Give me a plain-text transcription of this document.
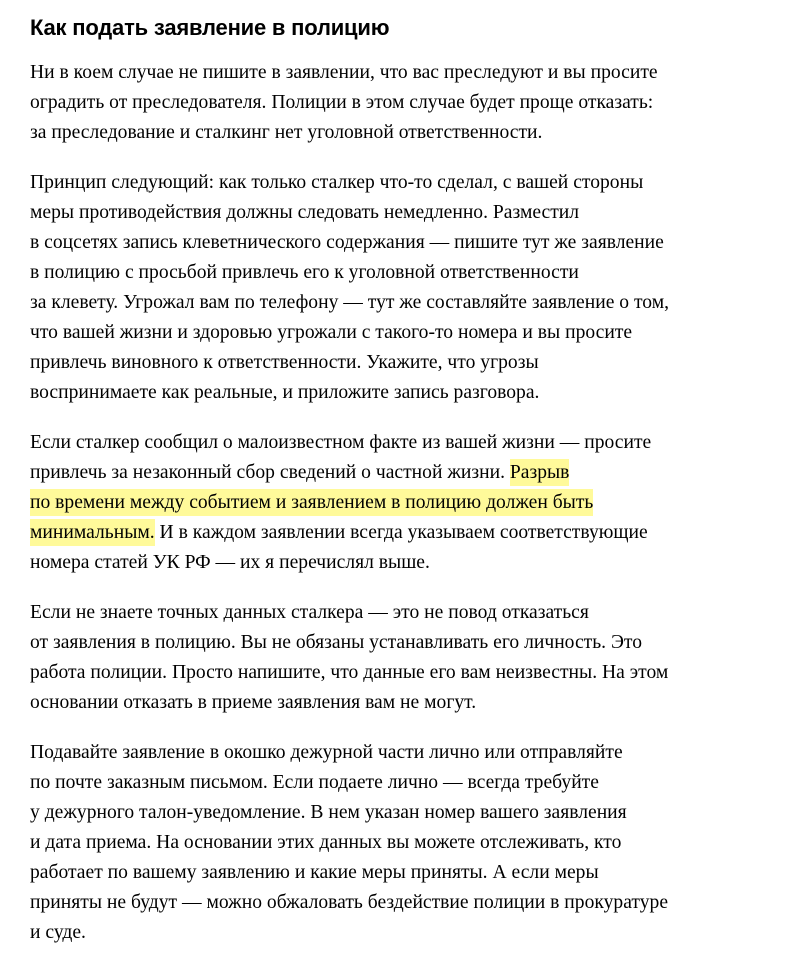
Как подать заявление в полицию

Ни в коем случае не пишите в заявлении, что вас преследуют и вы просите
оградить от преследователя. Полиции в этом случае будет проще отказать:
за преследование и сталкинг нет уголовной ответственности.

Принцип следующий: как только сталкер что-то сделал, с вашей стороны
меры противодействия должны следовать немедленно. Разместил
в соцсетях запись клеветнического содержания — пишите тут же заявление
в полицию с просьбой привлечь его к уголовной ответственности
за клевету. Угрожал вам по телефону — тут же составляйте заявление о том,
что вашей жизни и здоровью угрожали с такого-то номера и вы просите
привлечь виновного к ответственности. Укажите, что угрозы
воспринимаете как реальные, и приложите запись разговора.

Если сталкер сообщил о малоизвестном факте из вашей жизни — просите
привлечь за незаконный сбор сведений о частной жизни. Разрыв
по времени между событием и заявлением в полицию должен быть
минимальным. И в каждом заявлении всегда указываем соответствующие
номера статей УК РФ — их я перечислял выше.

Если не знаете точных данных сталкера — это не повод отказаться
от заявления в полицию. Вы не обязаны устанавливать его личность. Это
работа полиции. Просто напишите, что данные его вам неизвестны. На этом
основании отказать в приеме заявления вам не могут.

Подавайте заявление в окошко дежурной части лично или отправляйте
по почте заказным письмом. Если подаете лично — всегда требуйте
у дежурного талон-уведомление. В нем указан номер вашего заявления
и дата приема. На основании этих данных вы можете отслеживать, кто
работает по вашему заявлению и какие меры приняты. А если меры
приняты не будут — можно обжаловать бездействие полиции в прокуратуре
и суде.
